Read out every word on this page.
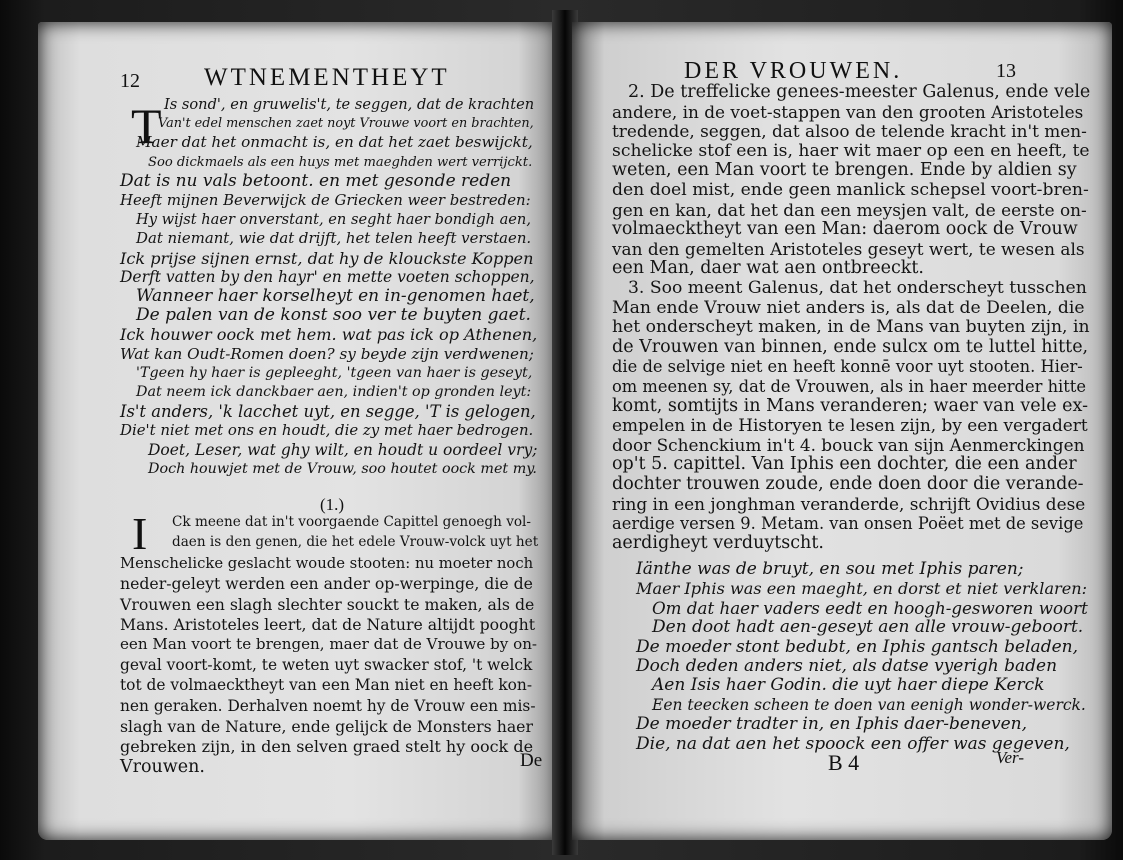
12	WTNEMENTHEYT
T Is sond', en gruwelis't, te seggen, dat de krachten
Van't edel menschen zaet noyt Vrouwe voort en brachten,
Maer dat het onmacht is, en dat het zaet beswijckt,
Soo dickmaels als een huys met maeghden wert verrijckt.
Dat is nu vals betoont. en met gesonde reden
Heeft mijnen Beverwijck de Griecken weer bestreden:
Hy wijst haer onverstant, en seght haer bondigh aen,
Dat niemant, wie dat drijft, het telen heeft verstaen.
Ick prijse sijnen ernst, dat hy de klouckste Koppen
Derft vatten by den hayr' en mette voeten schoppen,
Wanneer haer korselheyt en in-genomen haet,
De palen van de konst soo ver te buyten gaet.
Ick houwer oock met hem. wat pas ick op Athenen,
Wat kan Oudt-Romen doen? sy beyde zijn verdwenen;
'Tgeen hy haer is gepleeght, 'tgeen van haer is geseyt,
Dat neem ick danckbaer aen, indien't op gronden leyt:
Is't anders, 'k lacchet uyt, en segge, 'T is gelogen,
Die't niet met ons en houdt, die zy met haer bedrogen.
Doet, Leser, wat ghy wilt, en houdt u oordeel vry;
Doch houwjet met de Vrouw, soo houtet oock met my.
(1.)
I Ck meene dat in't voorgaende Capittel genoegh vol-
daen is den genen, die het edele Vrouw-volck uyt het
Menschelicke geslacht woude stooten: nu moeter noch
neder-geleyt werden een ander op-werpinge, die de
Vrouwen een slagh slechter souckt te maken, als de
Mans. Aristoteles leert, dat de Nature altijdt pooght
een Man voort te brengen, maer dat de Vrouwe by on-
geval voort-komt, te weten uyt swacker stof, 't welck
tot de volmaecktheyt van een Man niet en heeft kon-
nen geraken. Derhalven noemt hy de Vrouw een mis-
slagh van de Nature, ende gelijck de Monsters haer
gebreken zijn, in den selven graed stelt hy oock de
Vrouwen.	De
DER VROUWEN.	13
2. De treffelicke genees-meester Galenus, ende vele
andere, in de voet-stappen van den grooten Aristoteles
tredende, seggen, dat alsoo de telende kracht in't men-
schelicke stof een is, haer wit maer op een en heeft, te
weten, een Man voort te brengen. Ende by aldien sy
den doel mist, ende geen manlick schepsel voort-bren-
gen en kan, dat het dan een meysjen valt, de eerste on-
volmaecktheyt van een Man: daerom oock de Vrouw
van den gemelten Aristoteles geseyt wert, te wesen als
een Man, daer wat aen ontbreeckt.
3. Soo meent Galenus, dat het onderscheyt tusschen
Man ende Vrouw niet anders is, als dat de Deelen, die
het onderscheyt maken, in de Mans van buyten zijn, in
de Vrouwen van binnen, ende sulcx om te luttel hitte,
die de selvige niet en heeft konnē voor uyt stooten. Hier-
om meenen sy, dat de Vrouwen, als in haer meerder hitte
komt, somtijts in Mans veranderen; waer van vele ex-
empelen in de Historyen te lesen zijn, by een vergadert
door Schenckium in't 4. bouck van sijn Aenmerckingen
op't 5. capittel. Van Iphis een dochter, die een ander
dochter trouwen zoude, ende doen door die verande-
ring in een jonghman veranderde, schrijft Ovidius dese
aerdige versen 9. Metam. van onsen Poëet met de sevige
aerdigheyt verduytscht.
Iänthe was de bruyt, en sou met Iphis paren;
Maer Iphis was een maeght, en dorst et niet verklaren:
Om dat haer vaders eedt en hoogh-gesworen woort
Den doot hadt aen-geseyt aen alle vrouw-geboort.
De moeder stont bedubt, en Iphis gantsch beladen,
Doch deden anders niet, als datse vyerigh baden
Aen Isis haer Godin. die uyt haer diepe Kerck
Een teecken scheen te doen van eenigh wonder-werck.
De moeder tradter in, en Iphis daer-beneven,
Die, na dat aen het spoock een offer was gegeven,
B 4	Ver-
